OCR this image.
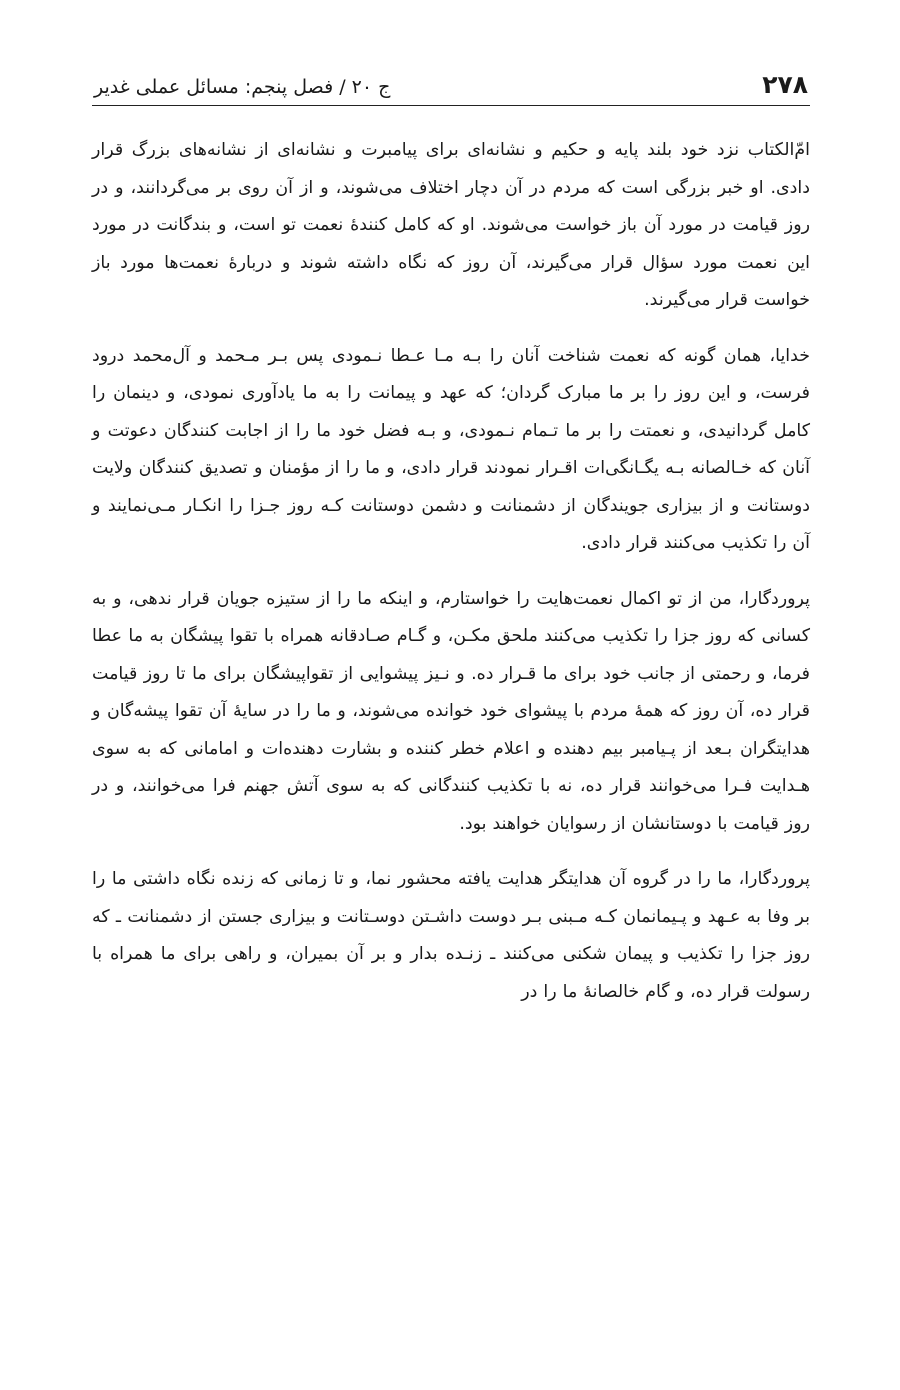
۲۷۸
ج ۲۰ / فصل پنجم: مسائل عملی غدیر

امّ‌الکتاب نزد خود بلند پایه و حکیم و نشانه‌ای برای پیامبرت و نشانه‌ای از نشانه‌های بزرگ قرار دادی. او خبر بزرگی است که مردم در آن دچار اختلاف می‌شوند، و از آن روی بر می‌گردانند، و در روز قیامت در مورد آن باز خواست می‌شوند. او که کامل کنندۀ نعمت تو است، و بندگانت در مورد این نعمت مورد سؤال قرار می‌گیرند، آن روز که نگاه داشته شوند و دربارۀ نعمت‌ها مورد باز خواست قرار می‌گیرند.

خدایا، همان گونه که نعمت شناخت آنان را بـه مـا عـطا نـمودی پس بـر مـحمد و آل‌محمد درود فرست، و این روز را بر ما مبارک گردان؛ که عهد و پیمانت را به ما یادآوری نمودی، و دینمان را کامل گردانیدی، و نعمتت را بر ما تـمام نـمودی، و بـه فضل خود ما را از اجابت کنندگان دعوتت و آنان که خـالصانه بـه یگـانگی‌ات اقـرار نمودند قرار دادی، و ما را از مؤمنان و تصدیق کنندگان ولایت دوستانت و از بیزاری جویندگان از دشمنانت و دشمن دوستانت کـه روز جـزا را انکـار مـی‌نمایند و آن را تکذیب می‌کنند قرار دادی.

پروردگارا، من از تو اکمال نعمت‌هایت را خواستارم، و اینکه ما را از ستیزه جویان قرار ندهی، و به کسانی که روز جزا را تکذیب می‌کنند ملحق مکـن، و گـام صـادقانه همراه با تقوا پیشگان به ما عطا فرما، و رحمتی از جانب خود برای ما قـرار ده. و نـیز پیشوایی از تقواپیشگان برای ما تا روز قیامت قرار ده، آن روز که همۀ مردم با پیشوای خود خوانده می‌شوند، و ما را در سایۀ آن تقوا پیشه‌گان و هدایتگران بـعد از پـیامبر بیم دهنده و اعلام خطر کننده و بشارت دهنده‌ات و امامانی که به سوی هـدایت فـرا می‌خوانند قرار ده، نه با تکذیب کنندگانی که به سوی آتش جهنم فرا می‌خوانند، و در روز قیامت با دوستانشان از رسوایان خواهند بود.

پروردگارا، ما را در گروه آن هدایتگر هدایت یافته محشور نما، و تا زمانی که زنده نگاه داشتی ما را بر وفا به عـهد و پـیمانمان کـه مـبنی بـر دوست داشـتن دوسـتانت و بیزاری جستن از دشمنانت ـ که روز جزا را تکذیب و پیمان شکنی می‌کنند ـ زنـده بدار و بر آن بمیران، و راهی برای ما همراه با رسولت قرار ده، و گام خالصانۀ ما را در
